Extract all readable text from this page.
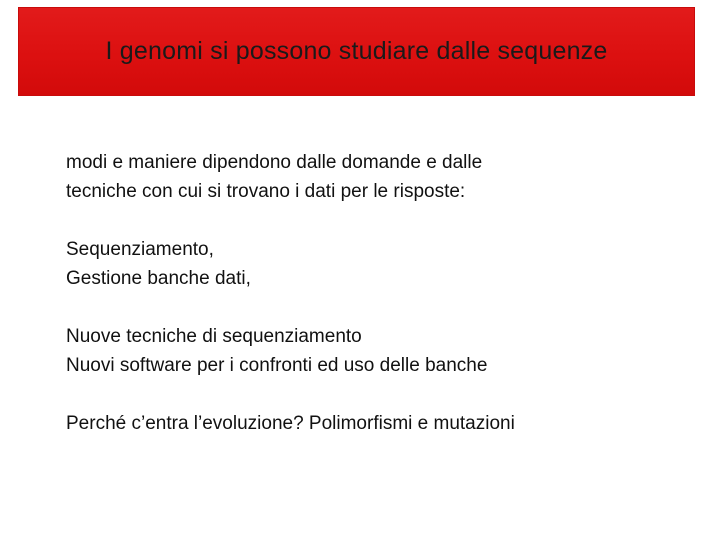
I genomi si possono studiare dalle sequenze

modi e maniere dipendono dalle domande e dalle
tecniche con cui si trovano i dati per le risposte:

Sequenziamento,
Gestione banche dati,

Nuove tecniche di sequenziamento
Nuovi software per i confronti ed uso delle banche

Perché c’entra l’evoluzione? Polimorfismi e mutazioni
